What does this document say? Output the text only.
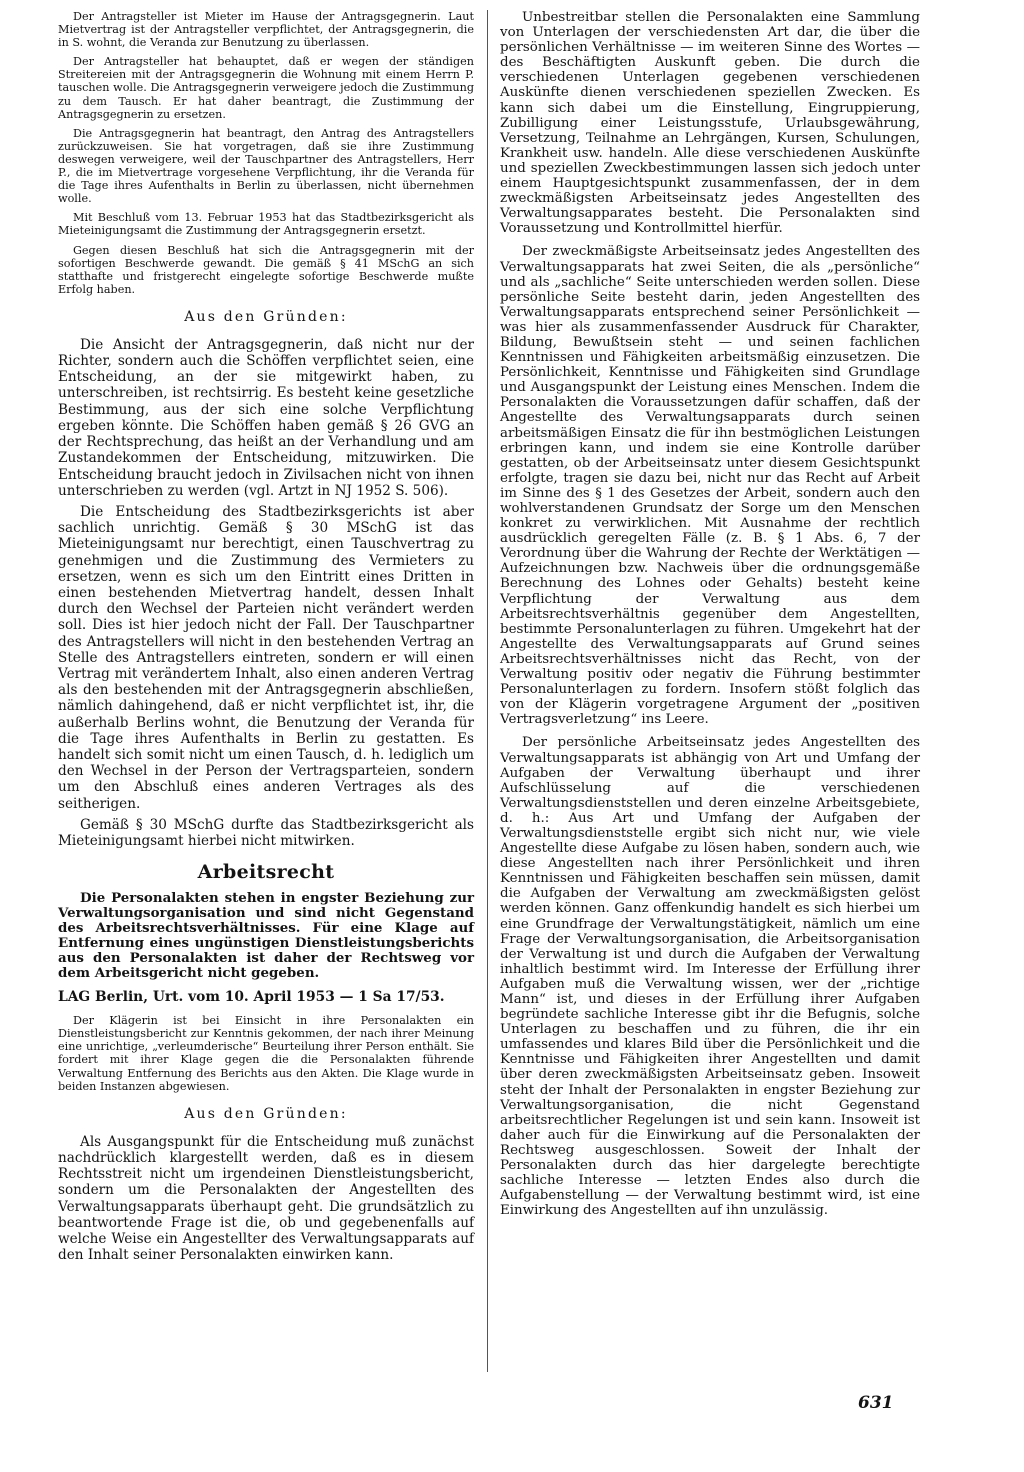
Der Antragsteller ist Mieter im Hause der Antragsgegnerin. Laut Mietvertrag ist der Antragsteller verpflichtet, der Antragsgegnerin, die in S. wohnt, die Veranda zur Benutzung zu überlassen.

Der Antragsteller hat behauptet, daß er wegen der ständigen Streitereien mit der Antragsgegnerin die Wohnung mit einem Herrn P. tauschen wolle. Die Antragsgegnerin verweigere jedoch die Zustimmung zu dem Tausch. Er hat daher beantragt, die Zustimmung der Antragsgegnerin zu ersetzen.

Die Antragsgegnerin hat beantragt, den Antrag des Antragstellers zurückzuweisen. Sie hat vorgetragen, daß sie ihre Zustimmung deswegen verweigere, weil der Tauschpartner des Antragstellers, Herr P., die im Mietvertrage vorgesehene Verpflichtung, ihr die Veranda für die Tage ihres Aufenthalts in Berlin zu überlassen, nicht übernehmen wolle.

Mit Beschluß vom 13. Februar 1953 hat das Stadtbezirksgericht als Mieteinigungsamt die Zustimmung der Antragsgegnerin ersetzt.

Gegen diesen Beschluß hat sich die Antragsgegnerin mit der sofortigen Beschwerde gewandt. Die gemäß § 41 MSchG an sich statthafte und fristgerecht eingelegte sofortige Beschwerde mußte Erfolg haben.

Aus den Gründen:

Die Ansicht der Antragsgegnerin, daß nicht nur der Richter, sondern auch die Schöffen verpflichtet seien, eine Entscheidung, an der sie mitgewirkt haben, zu unterschreiben, ist rechtsirrig. Es besteht keine gesetzliche Bestimmung, aus der sich eine solche Verpflichtung ergeben könnte. Die Schöffen haben gemäß § 26 GVG an der Rechtsprechung, das heißt an der Verhandlung und am Zustandekommen der Entscheidung, mitzuwirken. Die Entscheidung braucht jedoch in Zivilsachen nicht von ihnen unterschrieben zu werden (vgl. Artzt in NJ 1952 S. 506).

Die Entscheidung des Stadtbezirksgerichts ist aber sachlich unrichtig. Gemäß § 30 MSchG ist das Mieteinigungsamt nur berechtigt, einen Tauschvertrag zu genehmigen und die Zustimmung des Vermieters zu ersetzen, wenn es sich um den Eintritt eines Dritten in einen bestehenden Mietvertrag handelt, dessen Inhalt durch den Wechsel der Parteien nicht verändert werden soll. Dies ist hier jedoch nicht der Fall. Der Tauschpartner des Antragstellers will nicht in den bestehenden Vertrag an Stelle des Antragstellers eintreten, sondern er will einen Vertrag mit verändertem Inhalt, also einen anderen Vertrag als den bestehenden mit der Antragsgegnerin abschließen, nämlich dahingehend, daß er nicht verpflichtet ist, ihr, die außerhalb Berlins wohnt, die Benutzung der Veranda für die Tage ihres Aufenthalts in Berlin zu gestatten. Es handelt sich somit nicht um einen Tausch, d. h. lediglich um den Wechsel in der Person der Vertragsparteien, sondern um den Abschluß eines anderen Vertrages als des seitherigen.

Gemäß § 30 MSchG durfte das Stadtbezirksgericht als Mieteinigungsamt hierbei nicht mitwirken.

Arbeitsrecht

Die Personalakten stehen in engster Beziehung zur Verwaltungsorganisation und sind nicht Gegenstand des Arbeitsrechtsverhältnisses. Für eine Klage auf Entfernung eines ungünstigen Dienstleistungsberichts aus den Personalakten ist daher der Rechtsweg vor dem Arbeitsgericht nicht gegeben.

LAG Berlin, Urt. vom 10. April 1953 — 1 Sa 17/53.

Der Klägerin ist bei Einsicht in ihre Personalakten ein Dienstleistungsbericht zur Kenntnis gekommen, der nach ihrer Meinung eine unrichtige, „verleumderische“ Beurteilung ihrer Person enthält. Sie fordert mit ihrer Klage gegen die die Personalakten führende Verwaltung Entfernung des Berichts aus den Akten. Die Klage wurde in beiden Instanzen abgewiesen.

Aus den Gründen:

Als Ausgangspunkt für die Entscheidung muß zunächst nachdrücklich klargestellt werden, daß es in diesem Rechtsstreit nicht um irgendeinen Dienstleistungsbericht, sondern um die Personalakten der Angestellten des Verwaltungsapparats überhaupt geht. Die grundsätzlich zu beantwortende Frage ist die, ob und gegebenenfalls auf welche Weise ein Angestellter des Verwaltungsapparats auf den Inhalt seiner Personalakten einwirken kann.

Unbestreitbar stellen die Personalakten eine Sammlung von Unterlagen der verschiedensten Art dar, die über die persönlichen Verhältnisse — im weiteren Sinne des Wortes — des Beschäftigten Auskunft geben. Die durch die verschiedenen Unterlagen gegebenen verschiedenen Auskünfte dienen verschiedenen speziellen Zwecken. Es kann sich dabei um die Einstellung, Eingruppierung, Zubilligung einer Leistungsstufe, Urlaubsgewährung, Versetzung, Teilnahme an Lehrgängen, Kursen, Schulungen, Krankheit usw. handeln. Alle diese verschiedenen Auskünfte und speziellen Zweckbestimmungen lassen sich jedoch unter einem Hauptgesichtspunkt zusammenfassen, der in dem zweckmäßigsten Arbeitseinsatz jedes Angestellten des Verwaltungsapparates besteht. Die Personalakten sind Voraussetzung und Kontrollmittel hierfür.

Der zweckmäßigste Arbeitseinsatz jedes Angestellten des Verwaltungsapparats hat zwei Seiten, die als „persönliche“ und als „sachliche“ Seite unterschieden werden sollen. Diese persönliche Seite besteht darin, jeden Angestellten des Verwaltungsapparats entsprechend seiner Persönlichkeit — was hier als zusammenfassender Ausdruck für Charakter, Bildung, Bewußtsein steht — und seinen fachlichen Kenntnissen und Fähigkeiten arbeitsmäßig einzusetzen. Die Persönlichkeit, Kenntnisse und Fähigkeiten sind Grundlage und Ausgangspunkt der Leistung eines Menschen. Indem die Personalakten die Voraussetzungen dafür schaffen, daß der Angestellte des Verwaltungsapparats durch seinen arbeitsmäßigen Einsatz die für ihn bestmöglichen Leistungen erbringen kann, und indem sie eine Kontrolle darüber gestatten, ob der Arbeitseinsatz unter diesem Gesichtspunkt erfolgte, tragen sie dazu bei, nicht nur das Recht auf Arbeit im Sinne des § 1 des Gesetzes der Arbeit, sondern auch den wohlverstandenen Grundsatz der Sorge um den Menschen konkret zu verwirklichen. Mit Ausnahme der rechtlich ausdrücklich geregelten Fälle (z. B. § 1 Abs. 6, 7 der Verordnung über die Wahrung der Rechte der Werktätigen — Aufzeichnungen bzw. Nachweis über die ordnungsgemäße Berechnung des Lohnes oder Gehalts) besteht keine Verpflichtung der Verwaltung aus dem Arbeitsrechtsverhältnis gegenüber dem Angestellten, bestimmte Personalunterlagen zu führen. Umgekehrt hat der Angestellte des Verwaltungsapparats auf Grund seines Arbeitsrechtsverhältnisses nicht das Recht, von der Verwaltung positiv oder negativ die Führung bestimmter Personalunterlagen zu fordern. Insofern stößt folglich das von der Klägerin vorgetragene Argument der „positiven Vertragsverletzung“ ins Leere.

Der persönliche Arbeitseinsatz jedes Angestellten des Verwaltungsapparats ist abhängig von Art und Umfang der Aufgaben der Verwaltung überhaupt und ihrer Aufschlüsselung auf die verschiedenen Verwaltungsdienststellen und deren einzelne Arbeitsgebiete, d. h.: Aus Art und Umfang der Aufgaben der Verwaltungsdienststelle ergibt sich nicht nur, wie viele Angestellte diese Aufgabe zu lösen haben, sondern auch, wie diese Angestellten nach ihrer Persönlichkeit und ihren Kenntnissen und Fähigkeiten beschaffen sein müssen, damit die Aufgaben der Verwaltung am zweckmäßigsten gelöst werden können. Ganz offenkundig handelt es sich hierbei um eine Grundfrage der Verwaltungstätigkeit, nämlich um eine Frage der Verwaltungsorganisation, die Arbeitsorganisation der Verwaltung ist und durch die Aufgaben der Verwaltung inhaltlich bestimmt wird. Im Interesse der Erfüllung ihrer Aufgaben muß die Verwaltung wissen, wer der „richtige Mann“ ist, und dieses in der Erfüllung ihrer Aufgaben begründete sachliche Interesse gibt ihr die Befugnis, solche Unterlagen zu beschaffen und zu führen, die ihr ein umfassendes und klares Bild über die Persönlichkeit und die Kenntnisse und Fähigkeiten ihrer Angestellten und damit über deren zweckmäßigsten Arbeitseinsatz geben. Insoweit steht der Inhalt der Personalakten in engster Beziehung zur Verwaltungsorganisation, die nicht Gegenstand arbeitsrechtlicher Regelungen ist und sein kann. Insoweit ist daher auch für die Einwirkung auf die Personalakten der Rechtsweg ausgeschlossen. Soweit der Inhalt der Personalakten durch das hier dargelegte berechtigte sachliche Interesse — letzten Endes also durch die Aufgabenstellung — der Verwaltung bestimmt wird, ist eine Einwirkung des Angestellten auf ihn unzulässig.

631
